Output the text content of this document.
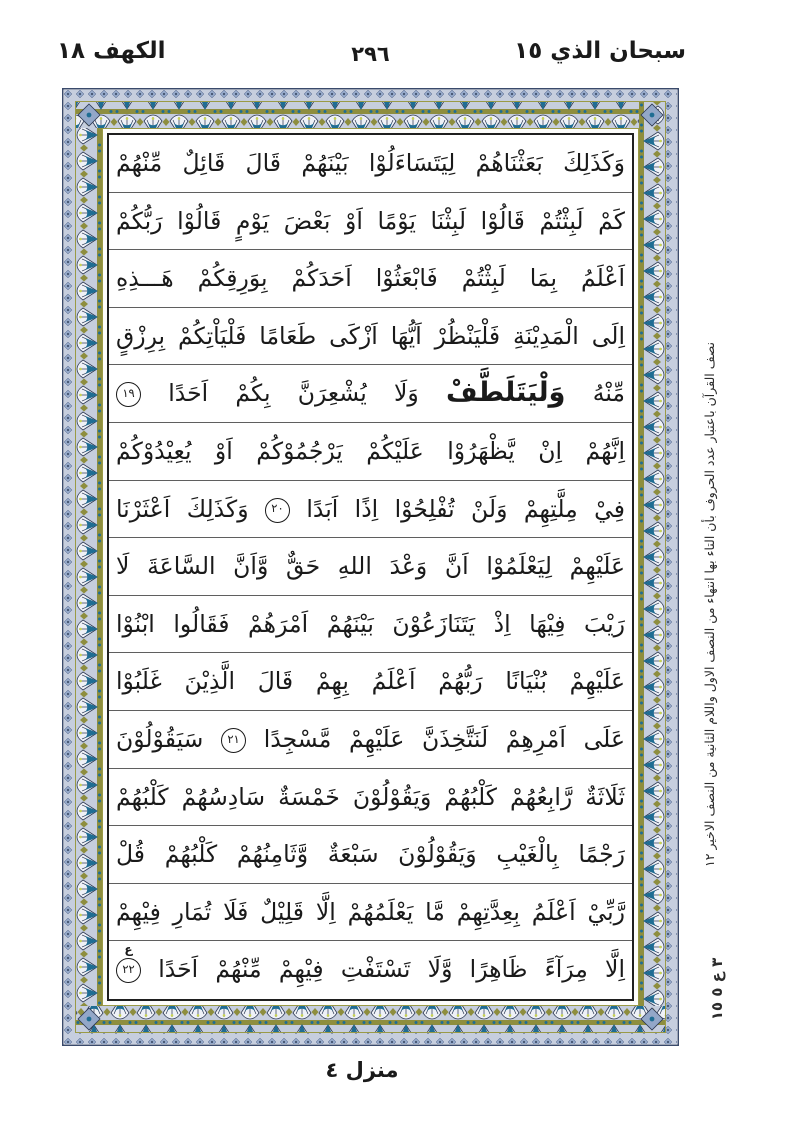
الكهف ١٨	٢٩٦	سبحان الذي ١٥
وَكَذَلِكَ بَعَثْنَاهُمْ لِيَتَسَاءَلُوْا بَيْنَهُمْ قَالَ قَائِلٌ مِّنْهُمْ
كَمْ لَبِثْتُمْ قَالُوْا لَبِثْنَا يَوْمًا اَوْ بَعْضَ يَوْمٍ قَالُوْا رَبُّكُمْ
اَعْلَمُ بِمَا لَبِثْتُمْ فَابْعَثُوْا اَحَدَكُمْ بِوَرِقِكُمْ هَـــذِهِ
اِلَى الْمَدِيْنَةِ فَلْيَنْظُرْ اَيُّهَا اَزْكَى طَعَامًا فَلْيَاْتِكُمْ بِرِزْقٍ
مِّنْهُ وَلْيَتَلَطَّفْ وَلَا يُشْعِرَنَّ بِكُمْ اَحَدًا
١٩
اِنَّهُمْ اِنْ يَّظْهَرُوْا عَلَيْكُمْ يَرْجُمُوْكُمْ اَوْ يُعِيْدُوْكُمْ
فِيْ مِلَّتِهِمْ وَلَنْ تُفْلِحُوْا اِذًا اَبَدًا
٢٠
وَكَذَلِكَ اَعْثَرْنَا
عَلَيْهِمْ لِيَعْلَمُوْا اَنَّ وَعْدَ اللهِ حَقٌّ وَّاَنَّ السَّاعَةَ لَا
رَيْبَ فِيْهَا اِذْ يَتَنَازَعُوْنَ بَيْنَهُمْ اَمْرَهُمْ فَقَالُوا ابْنُوْا
عَلَيْهِمْ بُنْيَانًا رَبُّهُمْ اَعْلَمُ بِهِمْ قَالَ الَّذِيْنَ غَلَبُوْا
عَلَى اَمْرِهِمْ لَنَتَّخِذَنَّ عَلَيْهِمْ مَّسْجِدًا
٢١
سَيَقُوْلُوْنَ
ثَلَاثَةٌ رَّابِعُهُمْ كَلْبُهُمْ وَيَقُوْلُوْنَ خَمْسَةٌ سَادِسُهُمْ كَلْبُهُمْ
رَجْمًا بِالْغَيْبِ وَيَقُوْلُوْنَ سَبْعَةٌ وَّثَامِنُهُمْ كَلْبُهُمْ قُلْ
رَّبِّيْ اَعْلَمُ بِعِدَّتِهِمْ مَّا يَعْلَمُهُمْ اِلَّا قَلِيْلٌ فَلَا تُمَارِ فِيْهِمْ
اِلَّا مِرَآءً ظَاهِرًا وَّلَا تَسْتَفْتِ فِيْهِمْ مِّنْهُمْ اَحَدًا
٢٢
ع
نصف القرآن باعتبار عدد الحروف بأن التاء بها انتهاء من النصف الاول واللام الثانية من النصف الاخير ١٢
٣ ع ٥ ١٥
منزل ٤
